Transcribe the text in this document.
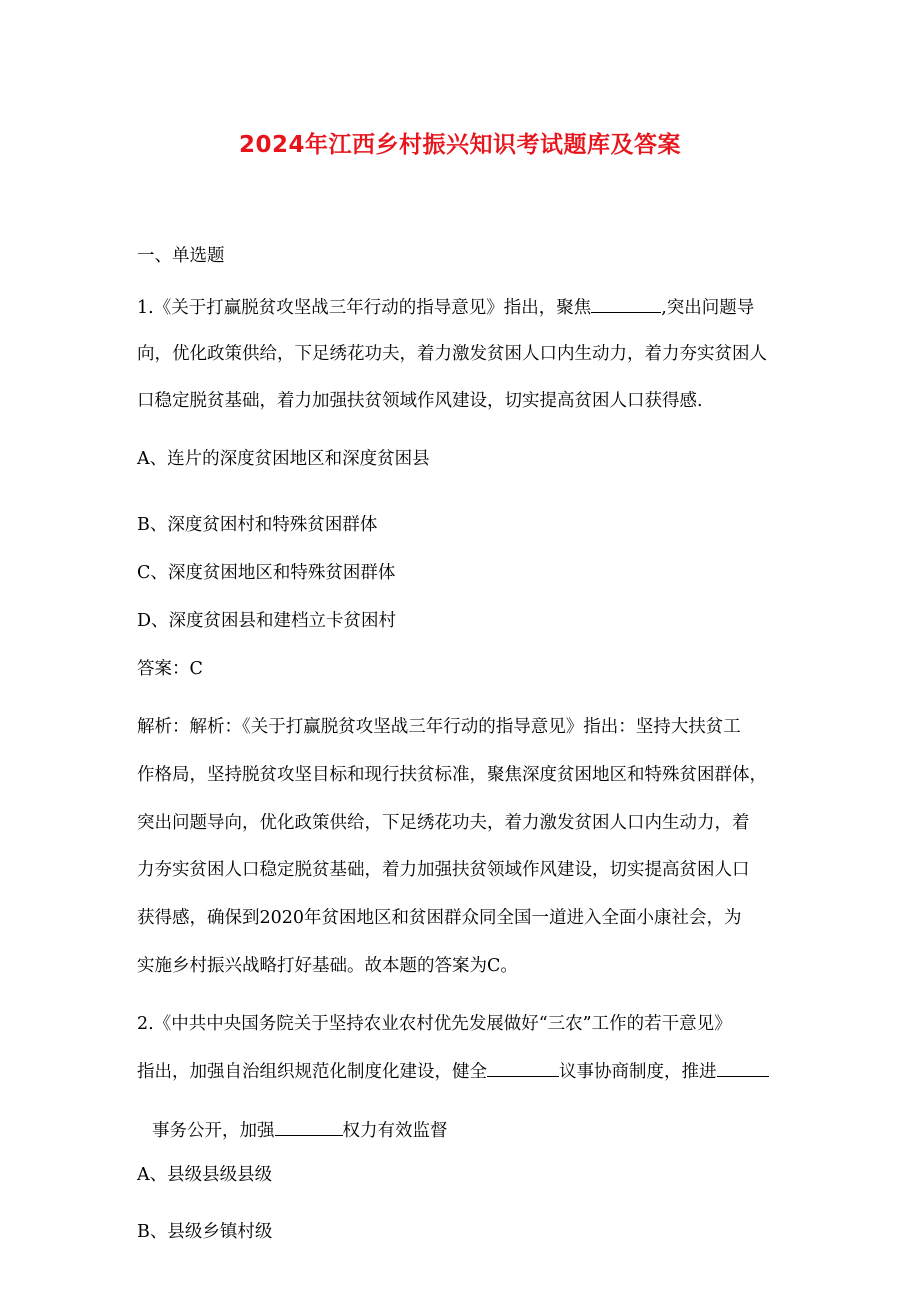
2024年江西乡村振兴知识考试题库及答案
一、单选题
1.《关于打赢脱贫攻坚战三年行动的指导意见》指出，聚焦	,突出问题导
向，优化政策供给，下足绣花功夫，着力激发贫困人口内生动力，着力夯实贫困人
口稳定脱贫基础，着力加强扶贫领域作风建设，切实提高贫困人口获得感.
A、连片的深度贫困地区和深度贫困县
B、深度贫困村和特殊贫困群体
C、深度贫困地区和特殊贫困群体
D、深度贫困县和建档立卡贫困村
答案：C
解析：解析：《关于打赢脱贫攻坚战三年行动的指导意见》指出：坚持大扶贫工
作格局，坚持脱贫攻坚目标和现行扶贫标准，聚焦深度贫困地区和特殊贫困群体，
突出问题导向，优化政策供给，下足绣花功夫，着力激发贫困人口内生动力，着
力夯实贫困人口稳定脱贫基础，着力加强扶贫领域作风建设，切实提高贫困人口
获得感，确保到2020年贫困地区和贫困群众同全国一道进入全面小康社会，为
实施乡村振兴战略打好基础。故本题的答案为C。
2.《中共中央国务院关于坚持农业农村优先发展做好“三农”工作的若干意见》
指出，加强自治组织规范化制度化建设，健全	议事协商制度，推进
事务公开，加强	权力有效监督
A、县级县级县级
B、县级乡镇村级
